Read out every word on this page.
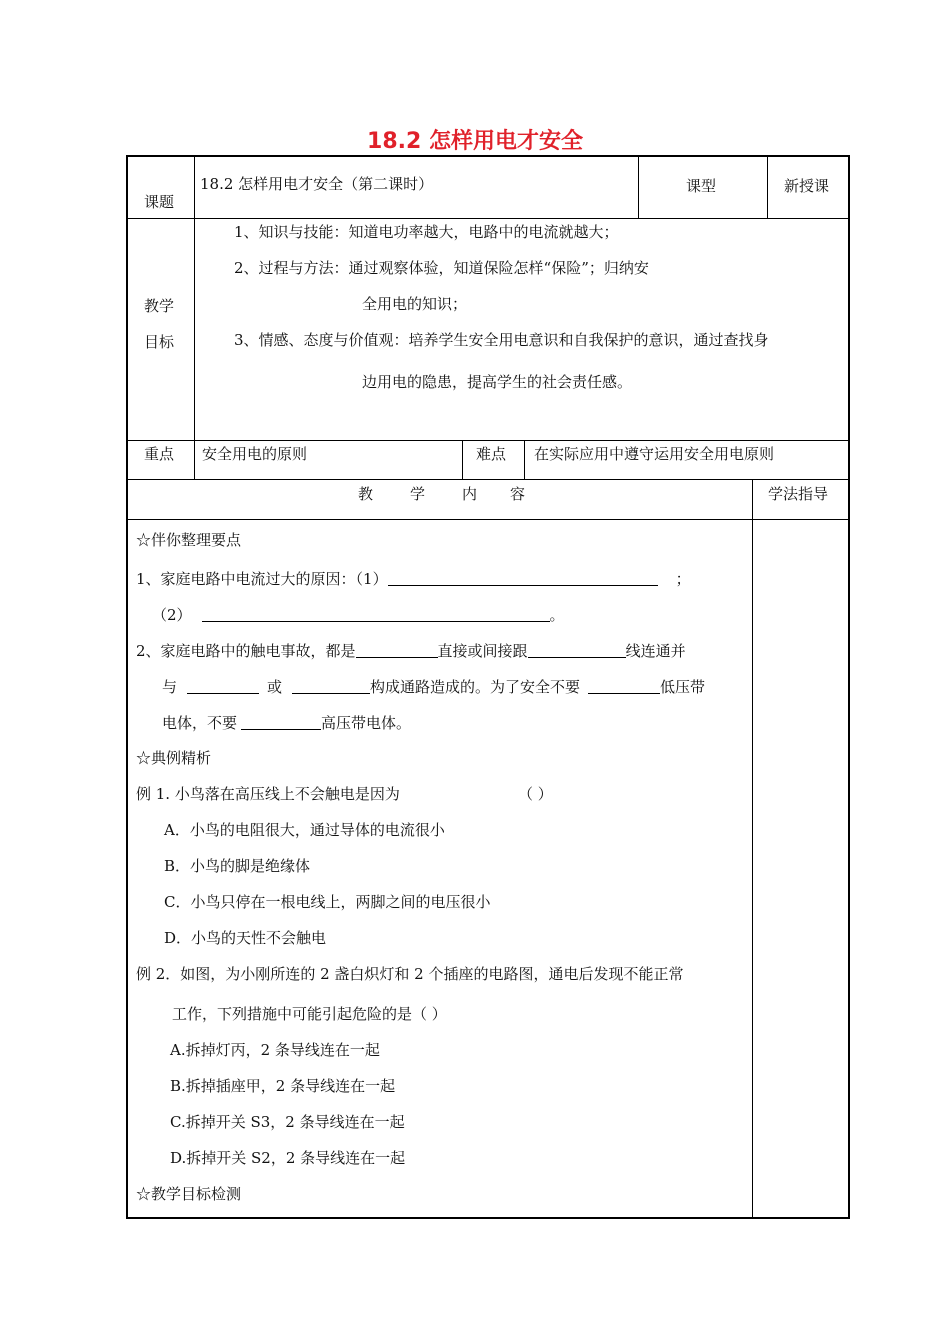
18.2 怎样用电才安全
课题
18.2 怎样用电才安全（第二课时）	课型	新授课
教学
目标
1、知识与技能：知道电功率越大，电路中的电流就越大；
2、过程与方法：通过观察体验，知道保险怎样“保险”；归纳安
全用电的知识；
3、情感、态度与价值观：培养学生安全用电意识和自我保护的意识，通过查找身
边用电的隐患，提高学生的社会责任感。
重点 安全用电的原则	难点 在实际应用中遵守运用安全用电原则
教 学 内 容	学法指导
☆伴你整理要点
1、家庭电路中电流过大的原因：（1）	；
（2）	。
2、家庭电路中的触电事故，都是	直接或间接跟	线连通并
与	或	构成通路造成的。为了安全不要	低压带
电体，不要	高压带电体。
☆典例精析
例 1. 小鸟落在高压线上不会触电是因为	（ ）
A．小鸟的电阻很大，通过导体的电流很小
B．小鸟的脚是绝缘体
C．小鸟只停在一根电线上，两脚之间的电压很小
D．小鸟的天性不会触电
例 2．如图，为小刚所连的 2 盏白炽灯和 2 个插座的电路图，通电后发现不能正常
工作，下列措施中可能引起危险的是（ ）
A.拆掉灯丙，2 条导线连在一起
B.拆掉插座甲，2 条导线连在一起
C.拆掉开关 S3，2 条导线连在一起
D.拆掉开关 S2，2 条导线连在一起
☆教学目标检测
